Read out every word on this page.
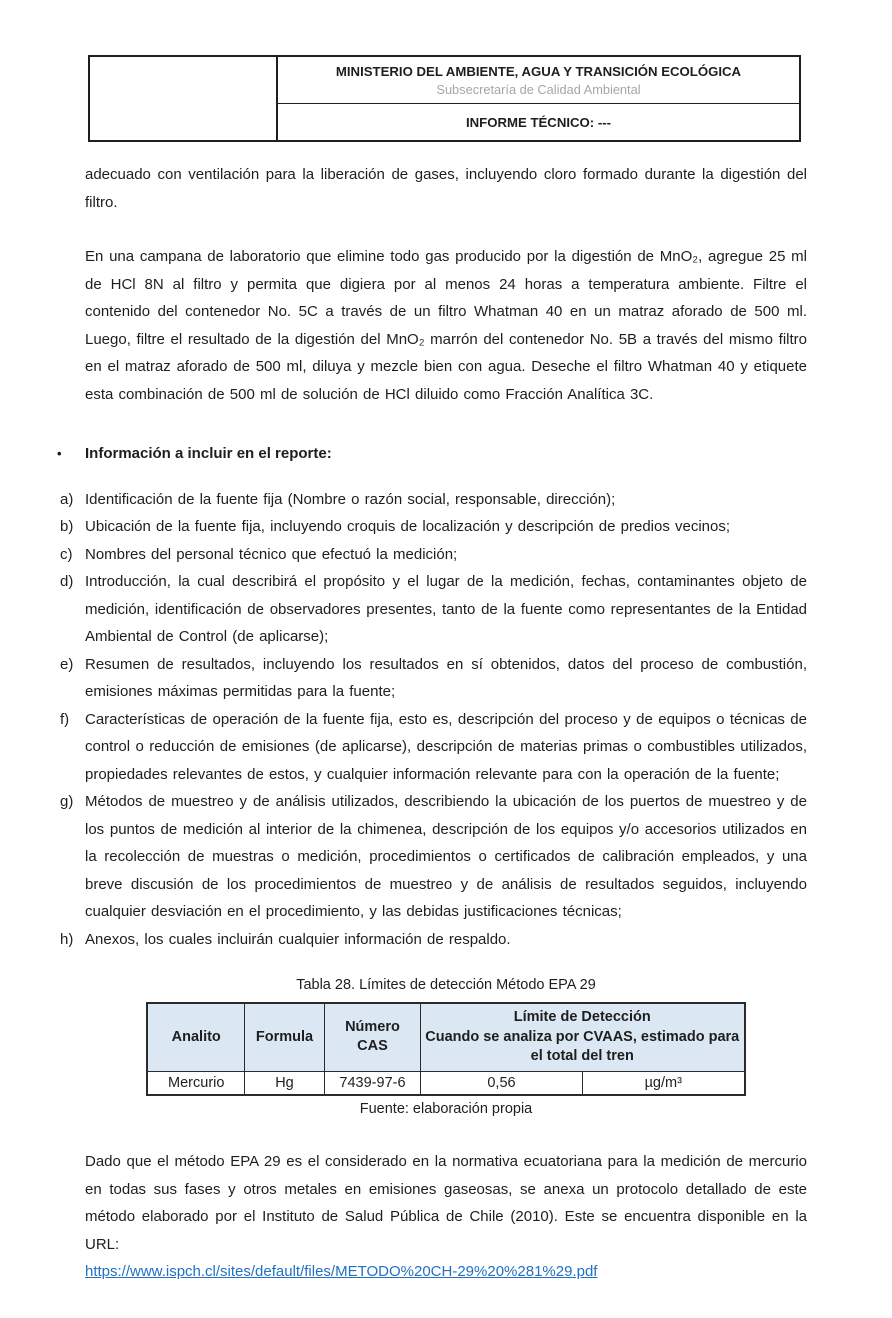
MINISTERIO DEL AMBIENTE, AGUA Y TRANSICIÓN ECOLÓGICA
Subsecretaría de Calidad Ambiental
INFORME TÉCNICO: ---

adecuado con ventilación para la liberación de gases, incluyendo cloro formado durante la digestión del filtro.

En una campana de laboratorio que elimine todo gas producido por la digestión de MnO₂, agregue 25 ml de HCl 8N al filtro y permita que digiera por al menos 24 horas a temperatura ambiente. Filtre el contenido del contenedor No. 5C a través de un filtro Whatman 40 en un matraz aforado de 500 ml. Luego, filtre el resultado de la digestión del MnO₂ marrón del contenedor No. 5B a través del mismo filtro en el matraz aforado de 500 ml, diluya y mezcle bien con agua. Deseche el filtro Whatman 40 y etiquete esta combinación de 500 ml de solución de HCl diluido como Fracción Analítica 3C.

•	Información a incluir en el reporte:
a) Identificación de la fuente fija (Nombre o razón social, responsable, dirección);
b) Ubicación de la fuente fija, incluyendo croquis de localización y descripción de predios vecinos;
c) Nombres del personal técnico que efectuó la medición;
d) Introducción, la cual describirá el propósito y el lugar de la medición, fechas, contaminantes objeto de medición, identificación de observadores presentes, tanto de la fuente como representantes de la Entidad Ambiental de Control (de aplicarse);
e) Resumen de resultados, incluyendo los resultados en sí obtenidos, datos del proceso de combustión, emisiones máximas permitidas para la fuente;
f)	Características de operación de la fuente fija, esto es, descripción del proceso y de equipos o técnicas de control o reducción de emisiones (de aplicarse), descripción de materias primas o combustibles utilizados, propiedades relevantes de estos, y cualquier información relevante para con la operación de la fuente;
g) Métodos de muestreo y de análisis utilizados, describiendo la ubicación de los puertos de muestreo y de los puntos de medición al interior de la chimenea, descripción de los equipos y/o accesorios utilizados en la recolección de muestras o medición, procedimientos o certificados de calibración empleados, y una breve discusión de los procedimientos de muestreo y de análisis de resultados seguidos, incluyendo cualquier desviación en el procedimiento, y las debidas justificaciones técnicas;
h) Anexos, los cuales incluirán cualquier información de respaldo.
Tabla 28. Límites de detección Método EPA 29
Analito	Formula	Número CAS	Límite de Detección
Cuando se analiza por CVAAS, estimado para el total del tren	

Mercurio	Hg	7439-97-6	0,56	µg/m³
Fuente: elaboración propia

Dado que el método EPA 29 es el considerado en la normativa ecuatoriana para la medición de mercurio en todas sus fases y otros metales en emisiones gaseosas, se anexa un protocolo detallado de este método elaborado por el Instituto de Salud Pública de Chile (2010). Este se encuentra disponible en la URL:

https://www.ispch.cl/sites/default/files/METODO%20CH-29%20%281%29.pdf
